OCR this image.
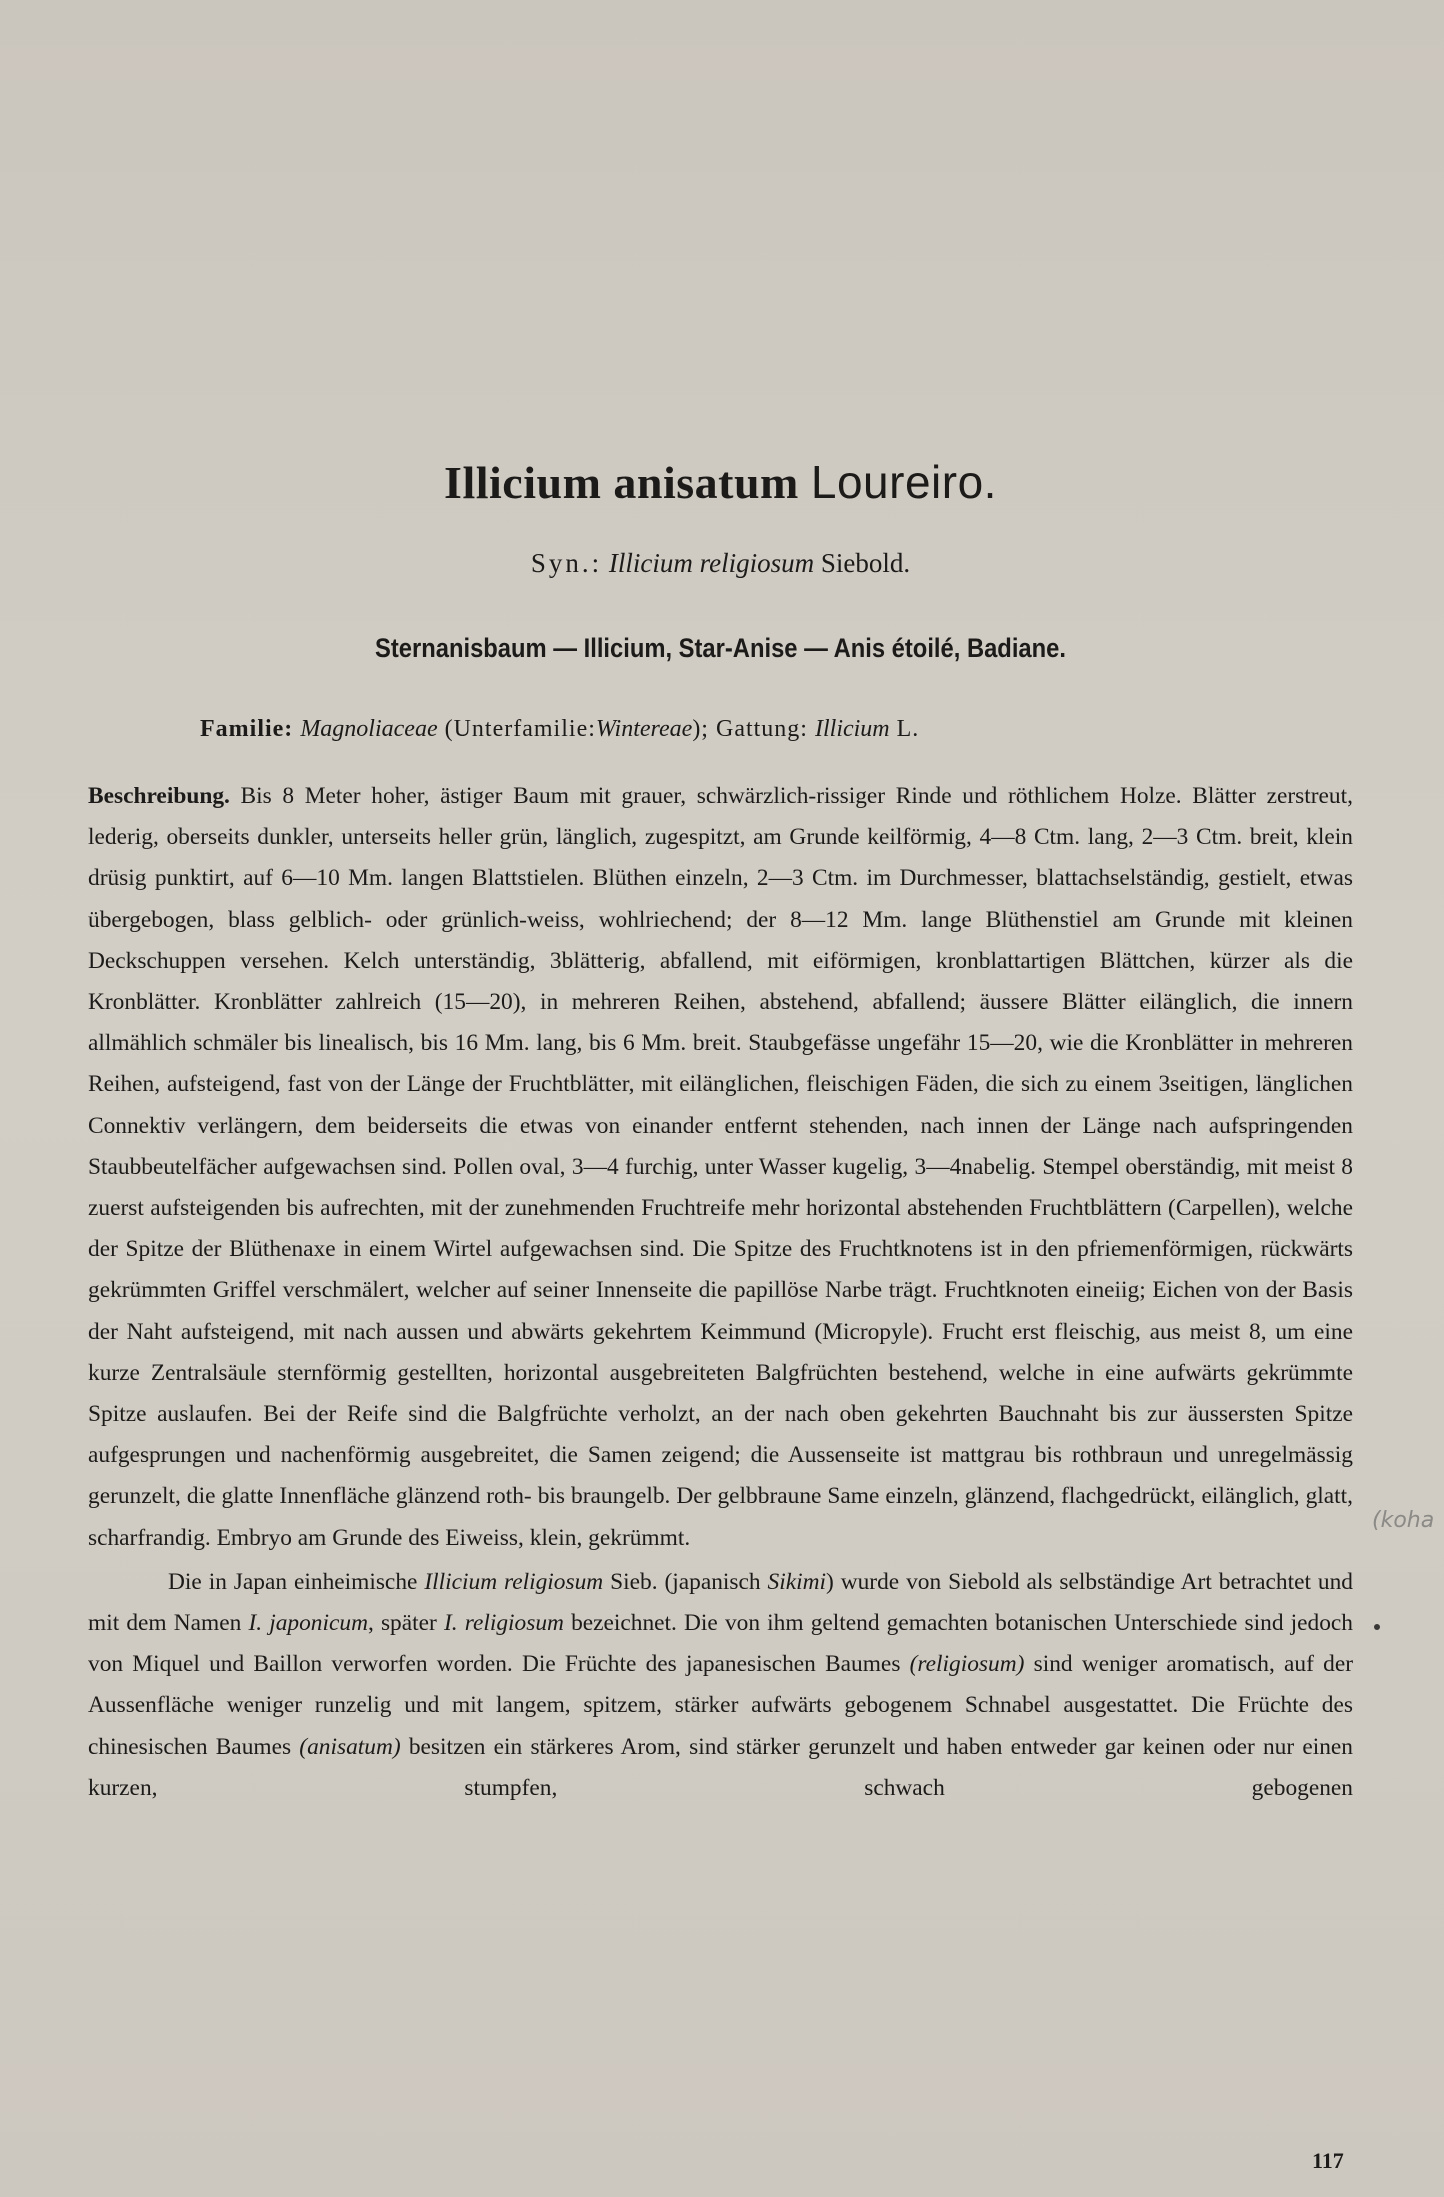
Illicium anisatum Loureiro.
Syn.: Illicium religiosum Siebold.
Sternanisbaum — Illicium, Star-Anise — Anis étoilé, Badiane.
Familie: Magnoliaceae (Unterfamilie:Wintereae); Gattung: Illicium L.

Beschreibung. Bis 8 Meter hoher, ästiger Baum mit grauer, schwärzlich-rissiger Rinde und röthlichem Holze. Blätter zerstreut, lederig, oberseits dunkler, unterseits heller grün, länglich, zugespitzt, am Grunde keilförmig, 4—8 Ctm. lang, 2—3 Ctm. breit, klein drüsig punktirt, auf 6—10 Mm. langen Blattstielen. Blüthen einzeln, 2—3 Ctm. im Durchmesser, blattachselständig, gestielt, etwas übergebogen, blass gelblich- oder grünlich-weiss, wohlriechend; der 8—12 Mm. lange Blüthenstiel am Grunde mit kleinen Deckschuppen versehen. Kelch unterständig, 3blätterig, abfallend, mit eiförmigen, kronblattartigen Blättchen, kürzer als die Kronblätter. Kronblätter zahlreich (15—20), in mehreren Reihen, abstehend, abfallend; äussere Blätter eilänglich, die innern allmählich schmäler bis linealisch, bis 16 Mm. lang, bis 6 Mm. breit. Staubgefässe ungefähr 15—20, wie die Kronblätter in mehreren Reihen, aufsteigend, fast von der Länge der Fruchtblätter, mit eilänglichen, fleischigen Fäden, die sich zu einem 3seitigen, länglichen Connektiv verlängern, dem beiderseits die etwas von einander entfernt stehenden, nach innen der Länge nach aufspringenden Staubbeutelfächer aufgewachsen sind. Pollen oval, 3—4 furchig, unter Wasser kugelig, 3—4nabelig. Stempel oberständig, mit meist 8 zuerst aufsteigenden bis aufrechten, mit der zunehmenden Fruchtreife mehr horizontal abstehenden Fruchtblättern (Carpellen), welche der Spitze der Blüthenaxe in einem Wirtel aufgewachsen sind. Die Spitze des Fruchtknotens ist in den pfriemenförmigen, rückwärts gekrümmten Griffel verschmälert, welcher auf seiner Innenseite die papillöse Narbe trägt. Fruchtknoten eineiig; Eichen von der Basis der Naht aufsteigend, mit nach aussen und abwärts gekehrtem Keimmund (Micropyle). Frucht erst fleischig, aus meist 8, um eine kurze Zentralsäule sternförmig gestellten, horizontal ausgebreiteten Balgfrüchten bestehend, welche in eine aufwärts gekrümmte Spitze auslaufen. Bei der Reife sind die Balgfrüchte verholzt, an der nach oben gekehrten Bauchnaht bis zur äussersten Spitze aufgesprungen und nachenförmig ausgebreitet, die Samen zeigend; die Aussenseite ist mattgrau bis rothbraun und unregelmässig gerunzelt, die glatte Innenfläche glänzend roth- bis braungelb. Der gelbbraune Same einzeln, glänzend, flachgedrückt, eilänglich, glatt, scharfrandig. Embryo am Grunde des Eiweiss, klein, gekrümmt.

Die in Japan einheimische Illicium religiosum Sieb. (japanisch Sikimi) wurde von Siebold als selbständige Art betrachtet und mit dem Namen I. japonicum, später I. religiosum bezeichnet. Die von ihm geltend gemachten botanischen Unterschiede sind jedoch von Miquel und Baillon verworfen worden. Die Früchte des japanesischen Baumes (religiosum) sind weniger aromatisch, auf der Aussenfläche weniger runzelig und mit langem, spitzem, stärker aufwärts gebogenem Schnabel ausgestattet. Die Früchte des chinesischen Baumes (anisatum) besitzen ein stärkeres Arom, sind stärker gerunzelt und haben entweder gar keinen oder nur einen kurzen, stumpfen, schwach gebogenen

(koha
117
